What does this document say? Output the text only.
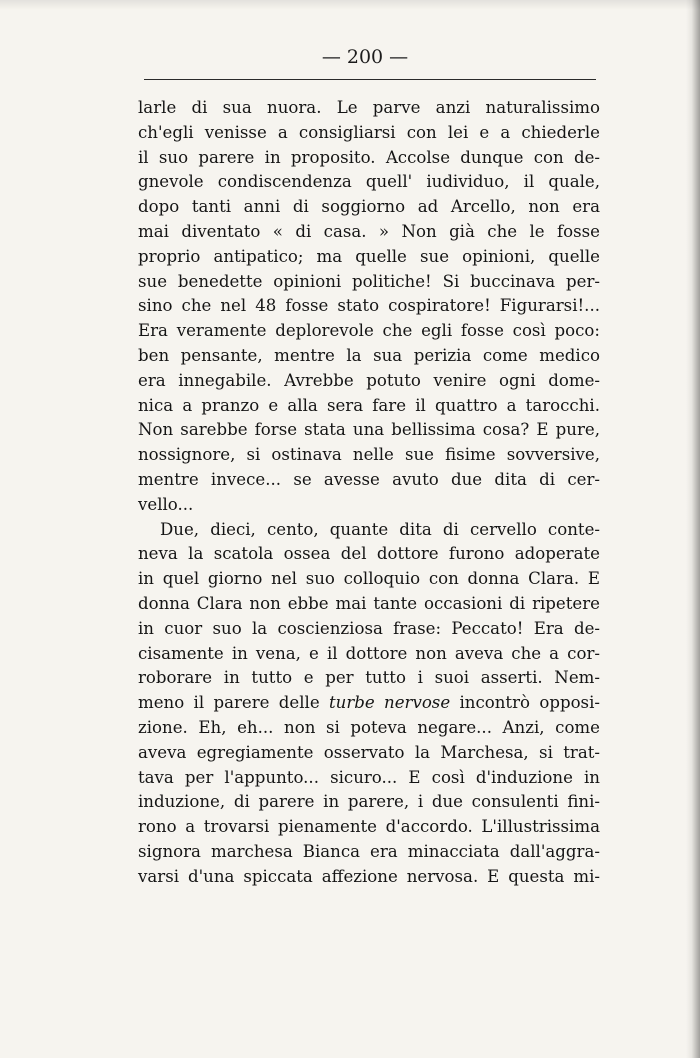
— 200 —
larle di sua nuora. Le parve anzi naturalissimo
ch'egli venisse a consigliarsi con lei e a chiederle
il suo parere in proposito. Accolse dunque con de-
gnevole condiscendenza quell' iudividuo, il quale,
dopo tanti anni di soggiorno ad Arcello, non era
mai diventato « di casa. » Non già che le fosse
proprio antipatico; ma quelle sue opinioni, quelle
sue benedette opinioni politiche! Si buccinava per-
sino che nel 48 fosse stato cospiratore! Figurarsi!...
Era veramente deplorevole che egli fosse così poco:
ben pensante, mentre la sua perizia come medico
era innegabile. Avrebbe potuto venire ogni dome-
nica a pranzo e alla sera fare il quattro a tarocchi.
Non sarebbe forse stata una bellissima cosa? E pure,
nossignore, si ostinava nelle sue fisime sovversive,
mentre invece... se avesse avuto due dita di cer-
vello...
Due, dieci, cento, quante dita di cervello conte-
neva la scatola ossea del dottore furono adoperate
in quel giorno nel suo colloquio con donna Clara. E
donna Clara non ebbe mai tante occasioni di ripetere
in cuor suo la coscienziosa frase: Peccato! Era de-
cisamente in vena, e il dottore non aveva che a cor-
roborare in tutto e per tutto i suoi asserti. Nem-
meno il parere delle turbe nervose incontrò opposi-
zione. Eh, eh... non si poteva negare... Anzi, come
aveva egregiamente osservato la Marchesa, si trat-
tava per l'appunto... sicuro... E così d'induzione in
induzione, di parere in parere, i due consulenti fini-
rono a trovarsi pienamente d'accordo. L'illustrissima
signora marchesa Bianca era minacciata dall'aggra-
varsi d'una spiccata affezione nervosa. E questa mi-
